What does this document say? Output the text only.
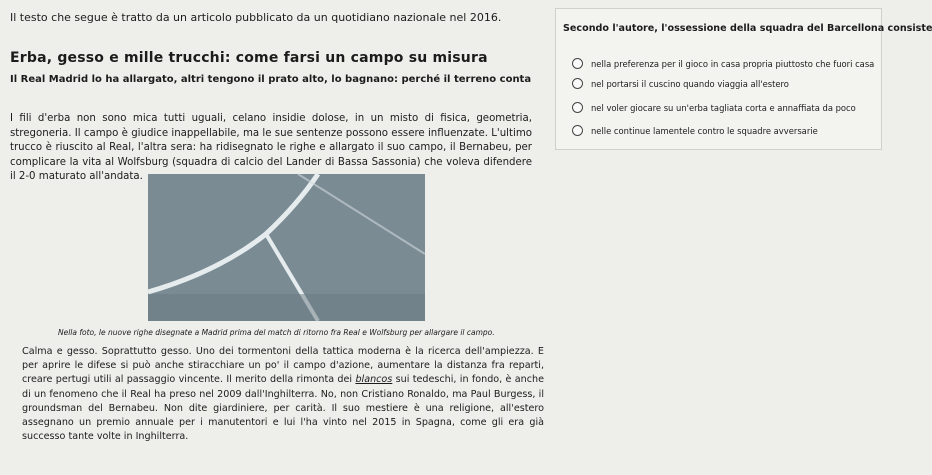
Il testo che segue è tratto da un articolo pubblicato da un quotidiano nazionale nel 2016.
Erba, gesso e mille trucchi: come farsi un campo su misura
Il Real Madrid lo ha allargato, altri tengono il prato alto, lo bagnano: perché il terreno conta
I fili d'erba non sono mica tutti uguali, celano insidie dolose, in un misto di fisica, geometria, stregoneria. Il campo è giudice inappellabile, ma le sue sentenze possono essere influenzate. L'ultimo trucco è riuscito al Real, l'altra sera: ha ridisegnato le righe e allargato il suo campo, il Bernabeu, per complicare la vita al Wolfsburg (squadra di calcio del Lander di Bassa Sassonia) che voleva difendere il 2-0 maturato all'andata.
Nella foto, le nuove righe disegnate a Madrid prima del match di ritorno fra Real e Wolfsburg per allargare il campo.
Calma e gesso. Soprattutto gesso. Uno dei tormentoni della tattica moderna è la ricerca dell'ampiezza. E per aprire le difese si può anche stiracchiare un po' il campo d'azione, aumentare la distanza fra reparti, creare pertugi utili al passaggio vincente. Il merito della rimonta dei blancos sui tedeschi, in fondo, è anche di un fenomeno che il Real ha preso nel 2009 dall'Inghilterra. No, non Cristiano Ronaldo, ma Paul Burgess, il groundsman del Bernabeu. Non dite giardiniere, per carità. Il suo mestiere è una religione, all'estero assegnano un premio annuale per i manutentori e lui l'ha vinto nel 2015 in Spagna, come gli era già successo tante volte in Inghilterra.
Secondo l'autore, l'ossessione della squadra del Barcellona consiste
nella preferenza per il gioco in casa propria piuttosto che fuori casa
nel portarsi il cuscino quando viaggia all'estero
nel voler giocare su un'erba tagliata corta e annaffiata da poco
nelle continue lamentele contro le squadre avversarie
